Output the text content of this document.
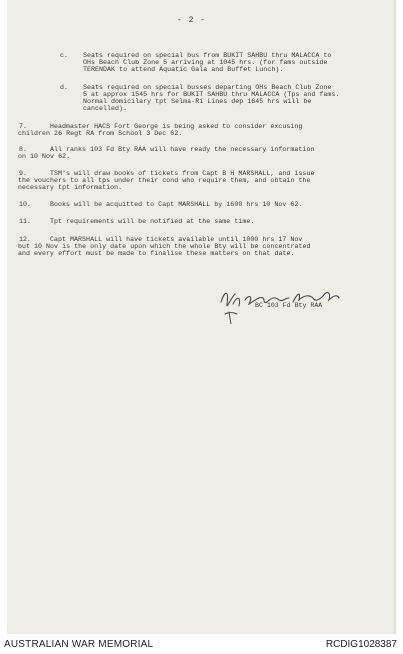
- 2 -
c. Seats required on special bus from BUKIT SAHBU thru MALACCA to
OHs Beach Club Zone 5 arriving at 1045 hrs. (for fams outside
TERENDAK to attend Aquatic Gala and Buffet Lunch).
d. Seats required on special busses departing OHs Beach Club Zone
5 at approx 1545 hrs for BUKIT SAHBU thru MALACCA (Tps and fams.
Normal domicilary tpt Selma-Ri Lines dep 1645 hrs will be
cancelled).
7.	Headmaster HACS Fort George is being asked to consider excusing
children 26 Regt RA from School 3 Dec 62.
8.	All ranks 103 Fd Bty RAA will have ready the necessary information
on 10 Nov 62.
9.	TSM's will draw books of tickets from Capt B H MARSHALL, and issue
the vouchers to all tps under their cond who require them, and obtain the
necessary tpt information.
10.	Books will be acquitted to Capt MARSHALL by 1600 hrs 10 Nov 62.
11.	Tpt requirements will be notified at the same time.
12.	Capt MARSHALL will have tickets available until 1000 hrs 17 Nov
but 10 Nov is the only date upon which the whole Bty will be concentrated
and every effort must be made to finalise these matters on that date.
BC 103 Fd Bty RAA
AUSTRALIAN WAR MEMORIAL	RCDIG1028387
